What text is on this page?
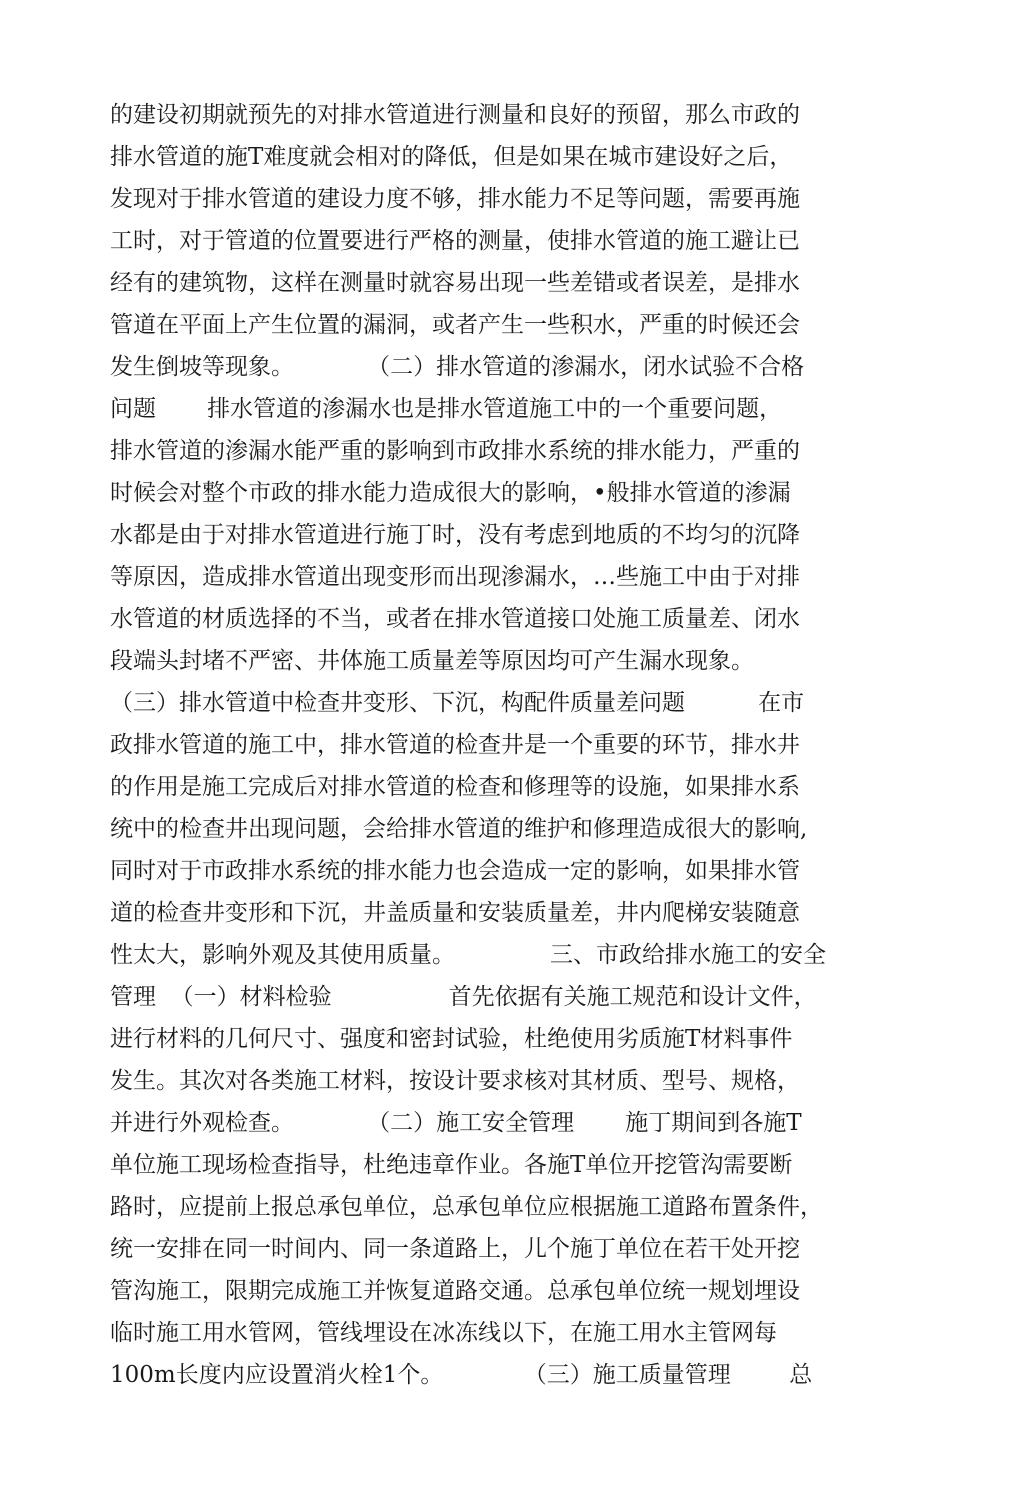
的建设初期就预先的对排水管道进行测量和良好的预留，那么市政的
排水管道的施T难度就会相对的降低，但是如果在城市建设好之后，
发现对于排水管道的建设力度不够，排水能力不足等问题，需要再施
工时，对于管道的位置要进行严格的测量，使排水管道的施工避让已
经有的建筑物，这样在测量时就容易出现一些差错或者误差，是排水
管道在平面上产生位置的漏洞，或者产生一些积水，严重的时候还会
发生倒坡等现象。          （二）排水管道的渗漏水，闭水试验不合格
问题       排水管道的渗漏水也是排水管道施工中的一个重要问题，
排水管道的渗漏水能严重的影响到市政排水系统的排水能力，严重的
时候会对整个市政的排水能力造成很大的影响，•般排水管道的渗漏
水都是由于对排水管道进行施丁时，没有考虑到地质的不均匀的沉降
等原因，造成排水管道出现变形而出现渗漏水，…些施工中由于对排
水管道的材质选择的不当，或者在排水管道接口处施工质量差、闭水
段端头封堵不严密、井体施工质量差等原因均可产生漏水现象。
（三）排水管道中检查井变形、下沉，构配件质量差问题          在市
政排水管道的施工中，排水管道的检查井是一个重要的环节，排水井
的作用是施工完成后对排水管道的检查和修理等的设施，如果排水系
统中的检查井出现问题，会给排水管道的维护和修理造成很大的影响,
同时对于市政排水系统的排水能力也会造成一定的影响，如果排水管
道的检查井变形和下沉，井盖质量和安装质量差，井内爬梯安装随意
性太大，影响外观及其使用质量。             三、市政给排水施工的安全
管理  （一）材料检验                首先依据有关施工规范和设计文件，
进行材料的几何尺寸、强度和密封试验，杜绝使用劣质施T材料事件
发生。其次对各类施工材料，按设计要求核对其材质、型号、规格，
并进行外观检查。          （二）施工安全管理       施丁期间到各施T
单位施工现场检查指导，杜绝违章作业。各施T单位开挖管沟需要断
路时，应提前上报总承包单位，总承包单位应根据施工道路布置条件，
统一安排在同一时间内、同一条道路上，儿个施丁单位在若干处开挖
管沟施工，限期完成施工并恢复道路交通。总承包单位统一规划埋设
临时施工用水管网，管线埋设在冰冻线以下，在施工用水主管网每
100m长度内应设置消火栓1个。           （三）施工质量管理        总
